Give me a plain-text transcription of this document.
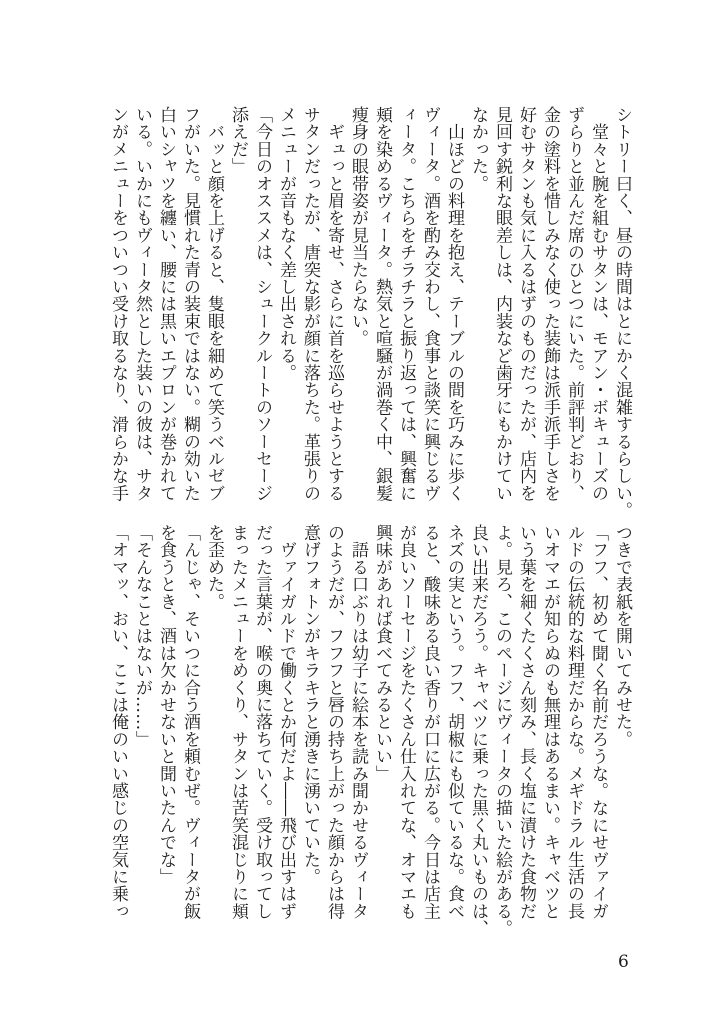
シトリー曰く、昼の時間はとにかく混雑するらしい。
　堂々と腕を組むサタンは、モアン・ボキューズの
ずらりと並んだ席のひとつにいた。前評判どおり、
金の塗料を惜しみなく使った装飾は派手派手しさを
好むサタンも気に入るはずのものだったが、店内を
見回す鋭利な眼差しは、内装など歯牙にもかけてい
なかった。
　山ほどの料理を抱え、テーブルの間を巧みに歩く
ヴィータ。酒を酌み交わし、食事と談笑に興じるヴ
ィータ。こちらをチラチラと振り返っては、興奮に
頬を染めるヴィータ。熱気と喧騒が渦巻く中、銀髪
痩身の眼帯姿が見当たらない。
　ギュっと眉を寄せ、さらに首を巡らせようとする
サタンだったが、唐突な影が顔に落ちた。革張りの
メニューが音もなく差し出される。
「今日のオススメは、シュークルートのソーセージ
添えだ」
　バッと顔を上げると、隻眼を細めて笑うベルゼブ
フがいた。見慣れた青の装束ではない。糊の効いた
白いシャツを纏い、腰には黒いエプロンが巻かれて
いる。いかにもヴィータ然とした装いの彼は、サタ
ンがメニューをついつい受け取るなり、滑らかな手
つきで表紙を開いてみせた。
「フフ、初めて聞く名前だろうな。なにせヴァイガ
ルドの伝統的な料理だからな。メギドラル生活の長
いオマエが知らぬのも無理はあるまい。キャベツと
いう葉を細くたくさん刻み、長く塩に漬けた食物だ
よ。見ろ、このページにヴィータの描いた絵がある。
良い出来だろう。キャベツに乗った黒く丸いものは、
ネズの実という。フフ、胡椒にも似ているな。食べ
ると、酸味ある良い香りが口に広がる。今日は店主
が良いソーセージをたくさん仕入れてな、オマエも
興味があれば食べてみるといい」
　語る口ぶりは幼子に絵本を読み聞かせるヴィータ
のようだが、フフフと唇の持ち上がった顔からは得
意げフォトンがキラキラと湧きに湧いていた。
　ヴァイガルドで働くとか何だよ――飛び出すはず
だった言葉が、喉の奥に落ちていく。受け取ってし
まったメニューをめくり、サタンは苦笑混じりに頬
を歪めた。
「んじゃ、そいつに合う酒を頼むぜ。ヴィータが飯
を食うとき、酒は欠かせないと聞いたんでな」
「そんなことはないが……」
「オマッ、おい、ここは俺のいい感じの空気に乗っ
6
